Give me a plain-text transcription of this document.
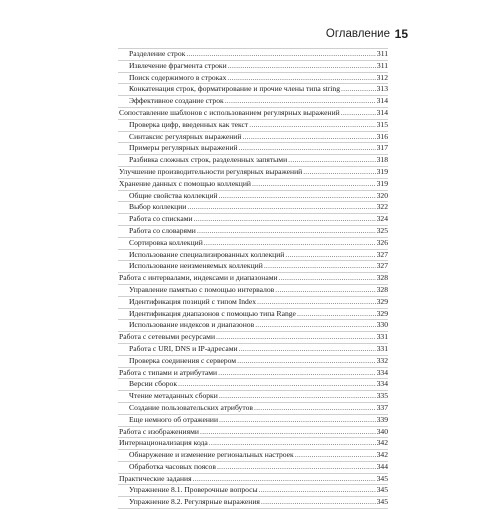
Оглавление 15
Разделение строк .....	311
Извлечение фрагмента строки .....	311
Поиск содержимого в строках .....	312
Конкатенация строк, форматирование и прочие члены типа string .....	313
Эффективное создание строк .....	314
Сопоставление шаблонов с использованием регулярных выражений .....	314
Проверка цифр, введенных как текст .....	315
Синтаксис регулярных выражений .....	316
Примеры регулярных выражений .....	317
Разбивка сложных строк, разделенных запятыми .....	318
Улучшение производительности регулярных выражений .....	319
Хранение данных с помощью коллекций .....	319
Общие свойства коллекций .....	320
Выбор коллекции .....	322
Работа со списками .....	324
Работа со словарями .....	325
Сортировка коллекций .....	326
Использование специализированных коллекций .....	327
Использование неизменяемых коллекций .....	327
Работа с интервалами, индексами и диапазонами .....	328
Управление памятью с помощью интервалов .....	328
Идентификация позиций с типом Index .....	329
Идентификация диапазонов с помощью типа Range .....	329
Использование индексов и диапазонов .....	330
Работа с сетевыми ресурсами .....	331
Работа с URI, DNS и IP-адресами .....	331
Проверка соединения с сервером .....	332
Работа с типами и атрибутами .....	334
Версии сборок .....	334
Чтение метаданных сборки .....	335
Создание пользовательских атрибутов .....	337
Еще немного об отражении .....	339
Работа с изображениями .....	340
Интернационализация кода .....	342
Обнаружение и изменение региональных настроек .....	342
Обработка часовых поясов .....	344
Практические задания .....	345
Упражнение 8.1. Проверочные вопросы .....	345
Упражнение 8.2. Регулярные выражения .....	345
